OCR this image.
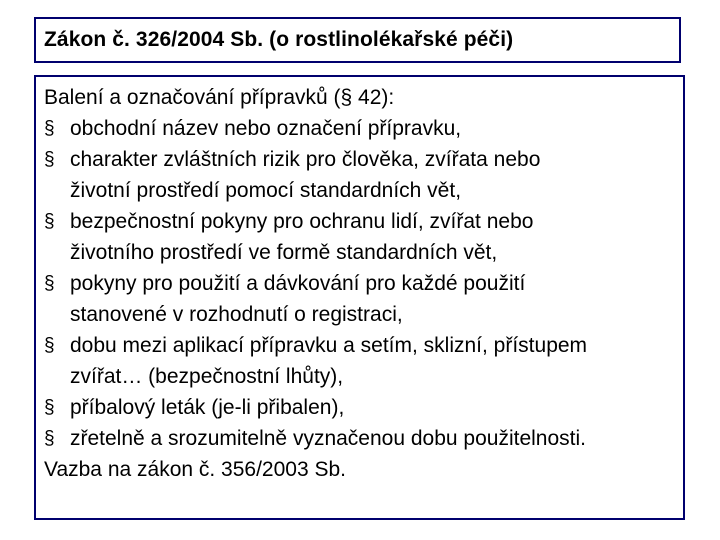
Zákon č. 326/2004 Sb. (o rostlinolékařské péči)

Balení a označování přípravků (§ 42):

§ obchodní název nebo označení přípravku,
§ charakter zvláštních rizik pro člověka, zvířata nebo
životní prostředí pomocí standardních vět,
§ bezpečnostní pokyny pro ochranu lidí, zvířat nebo
životního prostředí ve formě standardních vět,
§ pokyny pro použití a dávkování pro každé použití
stanovené v rozhodnutí o registraci,
§ dobu mezi aplikací přípravku a setím, sklizní, přístupem
zvířat… (bezpečnostní lhůty),
§ příbalový leták (je-li přibalen),
§ zřetelně a srozumitelně vyznačenou dobu použitelnosti.

Vazba na zákon č. 356/2003 Sb.
